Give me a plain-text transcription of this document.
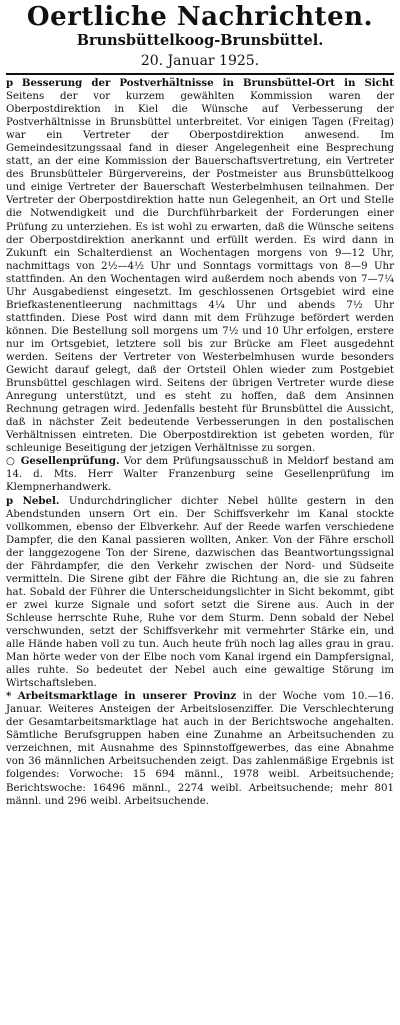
Oertliche Nachrichten.
Brunsbüttelkoog-Brunsbüttel.
20. Januar 1925.

p Besserung der Postverhältnisse in Brunsbüttel-Ort in Sicht Seitens der vor kurzem gewählten Kommission waren der Oberpostdirektion in Kiel die Wünsche auf Verbesserung der Postverhältnisse in Brunsbüttel unterbreitet. Vor einigen Tagen (Freitag) war ein Vertreter der Oberpostdirektion anwesend. Im Gemeindesitzungssaal fand in dieser Angelegenheit eine Besprechung statt, an der eine Kommission der Bauerschaftsvertretung, ein Vertreter des Brunsbütteler Bürgervereins, der Postmeister aus Brunsbüttelkoog und einige Vertreter der Bauerschaft Westerbelmhusen teilnahmen. Der Vertreter der Oberpostdirektion hatte nun Gelegenheit, an Ort und Stelle die Notwendigkeit und die Durchführbarkeit der Forderungen einer Prüfung zu unterziehen. Es ist wohl zu erwarten, daß die Wünsche seitens der Oberpostdirektion anerkannt und erfüllt werden. Es wird dann in Zukunft ein Schalterdienst an Wochentagen morgens von 9—12 Uhr, nachmittags von 2½—4½ Uhr und Sonntags vormittags von 8—9 Uhr stattfinden. An den Wochentagen wird außerdem noch abends von 7—7¼ Uhr Ausgabedienst eingesetzt. Im geschlossenen Ortsgebiet wird eine Briefkastenentleerung nachmittags 4¼ Uhr und abends 7½ Uhr stattfinden. Diese Post wird dann mit dem Frühzuge befördert werden können. Die Bestellung soll morgens um 7½ und 10 Uhr erfolgen, erstere nur im Ortsgebiet, letztere soll bis zur Brücke am Fleet ausgedehnt werden. Seitens der Vertreter von Westerbelmhusen wurde besonders Gewicht darauf gelegt, daß der Ortsteil Ohlen wieder zum Postgebiet Brunsbüttel geschlagen wird. Seitens der übrigen Vertreter wurde diese Anregung unterstützt, und es steht zu hoffen, daß dem Ansinnen Rechnung getragen wird. Jedenfalls besteht für Brunsbüttel die Aussicht, daß in nächster Zeit bedeutende Verbesserungen in den postalischen Verhältnissen eintreten. Die Oberpostdirektion ist gebeten worden, für schleunige Beseitigung der jetzigen Verhältnisse zu sorgen.

○ Gesellenprüfung. Vor dem Prüfungsausschuß in Meldorf bestand am 14. d. Mts. Herr Walter Franzenburg seine Gesellenprüfung im Klempnerhandwerk.

p Nebel. Undurchdringlicher dichter Nebel hüllte gestern in den Abendstunden unsern Ort ein. Der Schiffsverkehr im Kanal stockte vollkommen, ebenso der Elbverkehr. Auf der Reede warfen verschiedene Dampfer, die den Kanal passieren wollten, Anker. Von der Fähre erscholl der langgezogene Ton der Sirene, dazwischen das Beantwortungssignal der Fährdampfer, die den Verkehr zwischen der Nord- und Südseite vermitteln. Die Sirene gibt der Fähre die Richtung an, die sie zu fahren hat. Sobald der Führer die Unterscheidungslichter in Sicht bekommt, gibt er zwei kurze Signale und sofort setzt die Sirene aus. Auch in der Schleuse herrschte Ruhe, Ruhe vor dem Sturm. Denn sobald der Nebel verschwunden, setzt der Schiffsverkehr mit vermehrter Stärke ein, und alle Hände haben voll zu tun. Auch heute früh noch lag alles grau in grau. Man hörte weder von der Elbe noch vom Kanal irgend ein Dampfersignal, alles ruhte. So bedeutet der Nebel auch eine gewaltige Störung im Wirtschaftsleben.

* Arbeitsmarktlage in unserer Provinz in der Woche vom 10.—16. Januar. Weiteres Ansteigen der Arbeitslosenziffer. Die Verschlechterung der Gesamtarbeitsmarktlage hat auch in der Berichtswoche angehalten. Sämtliche Berufsgruppen haben eine Zunahme an Arbeitsuchenden zu verzeichnen, mit Ausnahme des Spinnstoffgewerbes, das eine Abnahme von 36 männlichen Arbeitsuchenden zeigt. Das zahlenmäßige Ergebnis ist folgendes: Vorwoche: 15 694 männl., 1978 weibl. Arbeitsuchende; Berichtswoche: 16496 männl., 2274 weibl. Arbeitsuchende; mehr 801 männl. und 296 weibl. Arbeitsuchende.
